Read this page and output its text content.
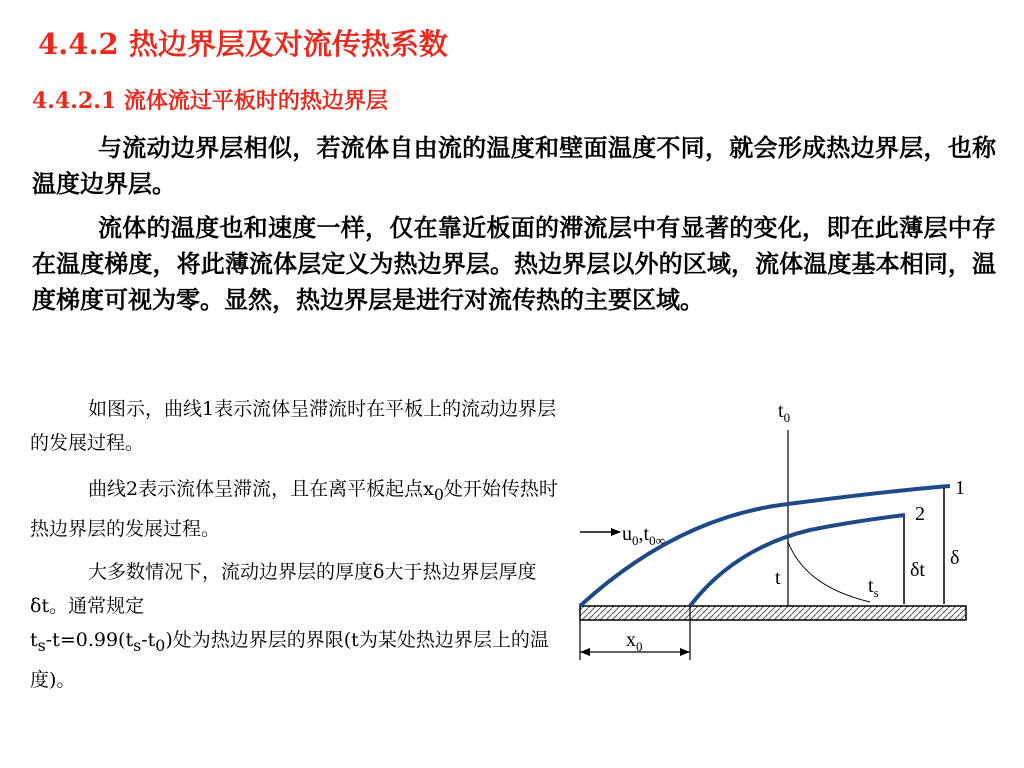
4.4.2 热边界层及对流传热系数
4.4.2.1 流体流过平板时的热边界层

与流动边界层相似，若流体自由流的温度和壁面温度不同，就会形成热边界层，也称温度边界层。

流体的温度也和速度一样，仅在靠近板面的滞流层中有显著的变化，即在此薄层中存在温度梯度，将此薄流体层定义为热边界层。热边界层以外的区域，流体温度基本相同，温度梯度可视为零。显然，热边界层是进行对流传热的主要区域。

如图示，曲线1表示流体呈滞流时在平板上的流动边界层的发展过程。

曲线2表示流体呈滞流，且在离平板起点$x_0$处开始传热时热边界层的发展过程。

大多数情况下，流动边界层的厚度δ大于热边界层厚度δt。通常规定
$t_s-t=0.99(t_s-t_0)$处为热边界层的界限(t为某处热边界层上的温度)。

$t_0$
1
2
$u_0,t_{0\infty}$
t	$t_s$
δt
δ
$x_0$
